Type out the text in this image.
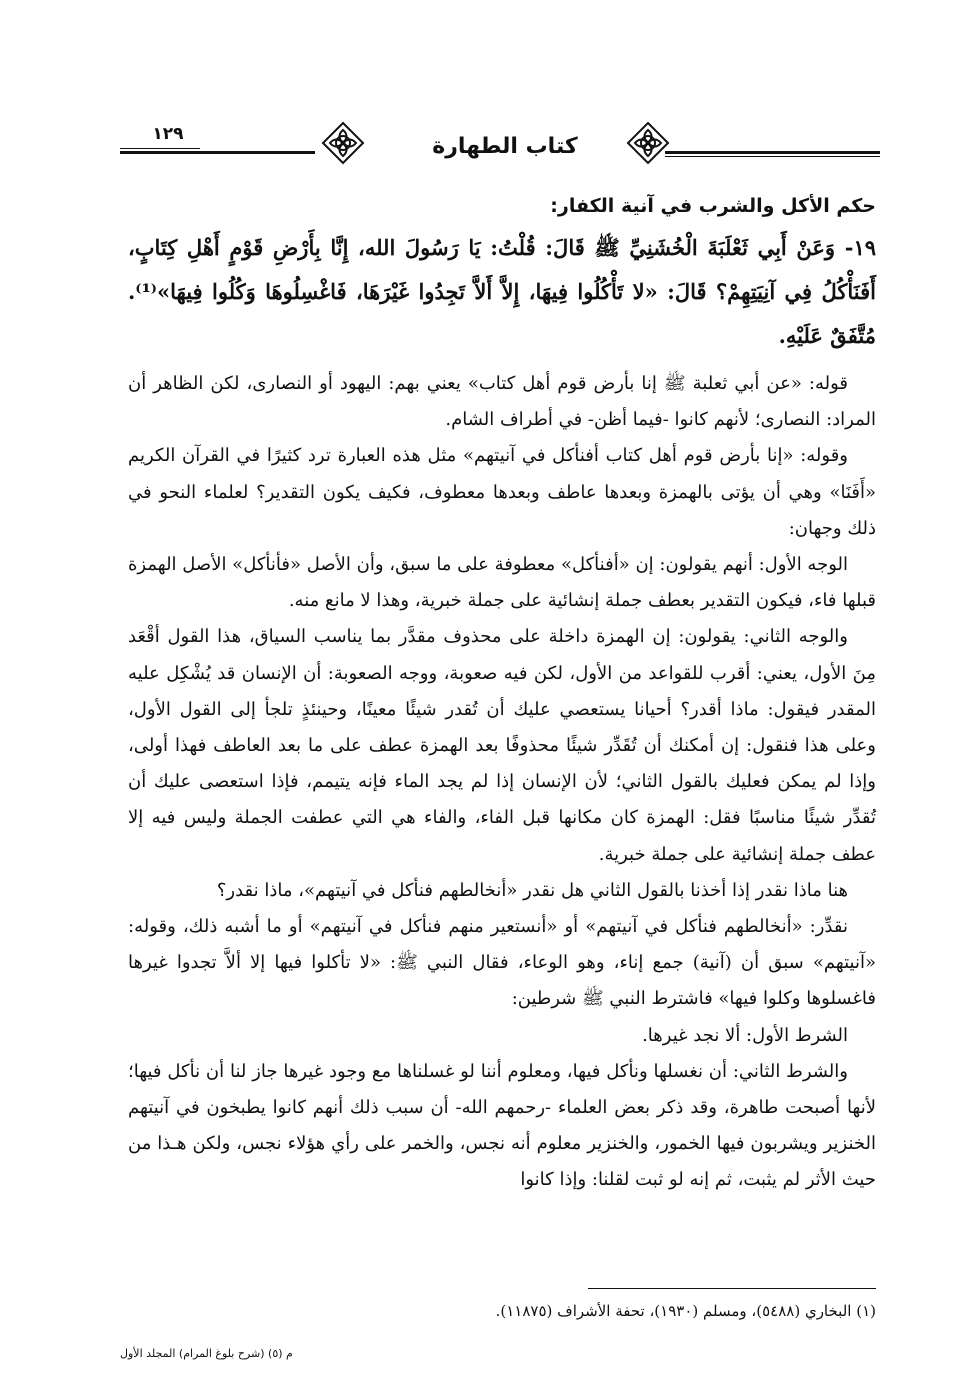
١٢٩	كتاب الطهارة
حكم الأكل والشرب في آنية الكفار:
١٩- وَعَنْ أَبِي ثَعْلَبَةَ الْخُشَنِيِّ ﷺ قَالَ: قُلْتُ: يَا رَسُولَ الله، إِنَّا بِأَرْضِ قَوْمٍ أَهْلِ كِتَابٍ، أَفَنَأْكُلُ فِي آنِيَتِهِمْ؟ قَالَ: «لا تَأْكُلُوا فِيهَا، إِلاَّ أَلاَّ تَجِدُوا غَيْرَهَا، فَاغْسِلُوهَا وَكُلُوا فِيهَا»⁽¹⁾. مُتَّفَقٌ عَلَيْهِ.

قوله: «عن أبي ثعلبة ﷺ إنا بأرض قوم أهل كتاب» يعني بهم: اليهود أو النصارى، لكن الظاهر أن المراد: النصارى؛ لأنهم كانوا -فيما أظن- في أطراف الشام.

وقوله: «إنا بأرض قوم أهل كتاب أفنأكل في آنيتهم» مثل هذه العبارة ترد كثيرًا في القرآن الكريم «أَفَنَا» وهي أن يؤتى بالهمزة وبعدها عاطف وبعدها معطوف، فكيف يكون التقدير؟ لعلماء النحو في ذلك وجهان:

الوجه الأول: أنهم يقولون: إن «أفنأكل» معطوفة على ما سبق، وأن الأصل «فأنأكل» الأصل الهمزة قبلها فاء، فيكون التقدير بعطف جملة إنشائية على جملة خبرية، وهذا لا مانع منه.

والوجه الثاني: يقولون: إن الهمزة داخلة على محذوف مقدَّر بما يناسب السياق، هذا القول أقْعَد مِنَ الأول، يعني: أقرب للقواعد من الأول، لكن فيه صعوبة، ووجه الصعوبة: أن الإنسان قد يُشْكِل عليه المقدر فيقول: ماذا أقدر؟ أحيانا يستعصي عليك أن تُقدر شيئًا معينًا، وحينئذٍ تلجأ إلى القول الأول، وعلى هذا فنقول: إن أمكنك أن تُقَدِّر شيئًا محذوفًا بعد الهمزة عطف على ما بعد العاطف فهذا أولى، وإذا لم يمكن فعليك بالقول الثاني؛ لأن الإنسان إذا لم يجد الماء فإنه يتيمم، فإذا استعصى عليك أن تُقدِّر شيئًا مناسبًا فقل: الهمزة كان مكانها قبل الفاء، والفاء هي التي عطفت الجملة وليس فيه إلا عطف جملة إنشائية على جملة خبرية.

هنا ماذا نقدر إذا أخذنا بالقول الثاني هل نقدر «أنخالطهم فنأكل في آنيتهم»، ماذا نقدر؟

نقدِّر: «أنخالطهم فنأكل في آنيتهم» أو «أنستعير منهم فنأكل في آنيتهم» أو ما أشبه ذلك، وقوله: «آنيتهم» سبق أن (آنية) جمع إناء، وهو الوعاء، فقال النبي ﷺ: «لا تأكلوا فيها إلا ألاَّ تجدوا غيرها فاغسلوها وكلوا فيها» فاشترط النبي ﷺ شرطين:

الشرط الأول: ألا نجد غيرها.

والشرط الثاني: أن نغسلها ونأكل فيها، ومعلوم أننا لو غسلناها مع وجود غيرها جاز لنا أن نأكل فيها؛ لأنها أصبحت طاهرة، وقد ذكر بعض العلماء -رحمهم الله- أن سبب ذلك أنهم كانوا يطبخون في آنيتهم الخنزير ويشربون فيها الخمور، والخنزير معلوم أنه نجس، والخمر على رأي هؤلاء نجس، ولكن هـذا من حيث الأثر لم يثبت، ثم إنه لو ثبت لقلنا: وإذا كانوا

(١) البخاري (٥٤٨٨)، ومسلم (١٩٣٠)، تحفة الأشراف (١١٨٧٥).
م (٥) (شرح بلوغ المرام) المجلد الأول
